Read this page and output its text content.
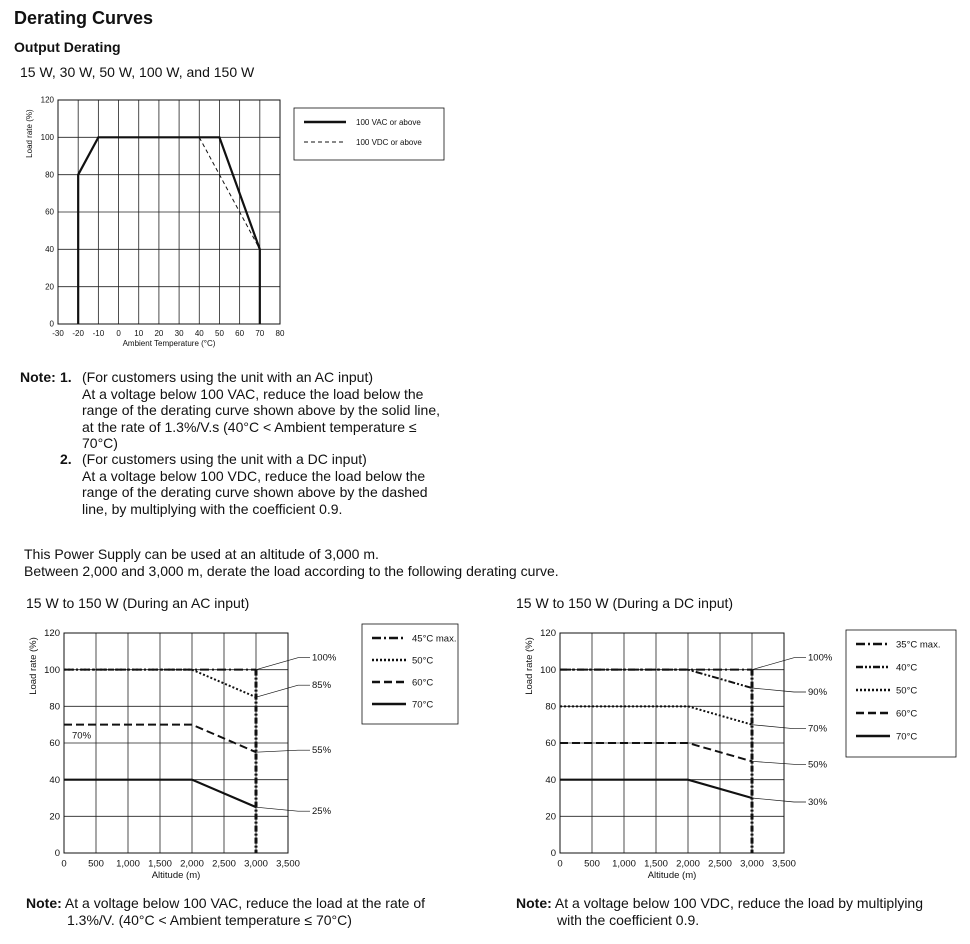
Derating Curves
Output Derating
15 W, 30 W, 50 W, 100 W, and 150 W
-30 -20 -10 0 10 20 30 40 50 60 70 80
0
20
40
60
80
100
120
Ambient Temperature (°C)
Load rate (%)	100 VAC or above
100 VDC or above
Note: 1. (For customers using the unit with an AC input)
At a voltage below 100 VAC, reduce the load below the
range of the derating curve shown above by the solid line,
at the rate of 1.3%/V.s (40°C < Ambient temperature ≤
70°C)
2. (For customers using the unit with a DC input)
At a voltage below 100 VDC, reduce the load below the
range of the derating curve shown above by the dashed
line, by multiplying with the coefficient 0.9.
This Power Supply can be used at an altitude of 3,000 m.
Between 2,000 and 3,000 m, derate the load according to the following derating curve.
15 W to 150 W (During an AC input)	15 W to 150 W (During a DC input)
0 500 1,000 1,500 2,000 2,500 3,000 3,500
0
20
40
60
80
100
120
Altitude (m)
Load rate (%)	100%
85%
55%
25%
70%
45°C max.
50°C
60°C
70°C
0 500 1,000 1,500 2,000 2,500 3,000 3,500
0
20
40
60
80
100
120
Altitude (m)
Load rate (%)	100%
90%
70%
50%
30%
35°C max.
40°C
50°C
60°C
70°C
Note: At a voltage below 100 VAC, reduce the load at the rate of
1.3%/V. (40°C < Ambient temperature ≤ 70°C)
Note: At a voltage below 100 VDC, reduce the load by multiplying
with the coefficient 0.9.
